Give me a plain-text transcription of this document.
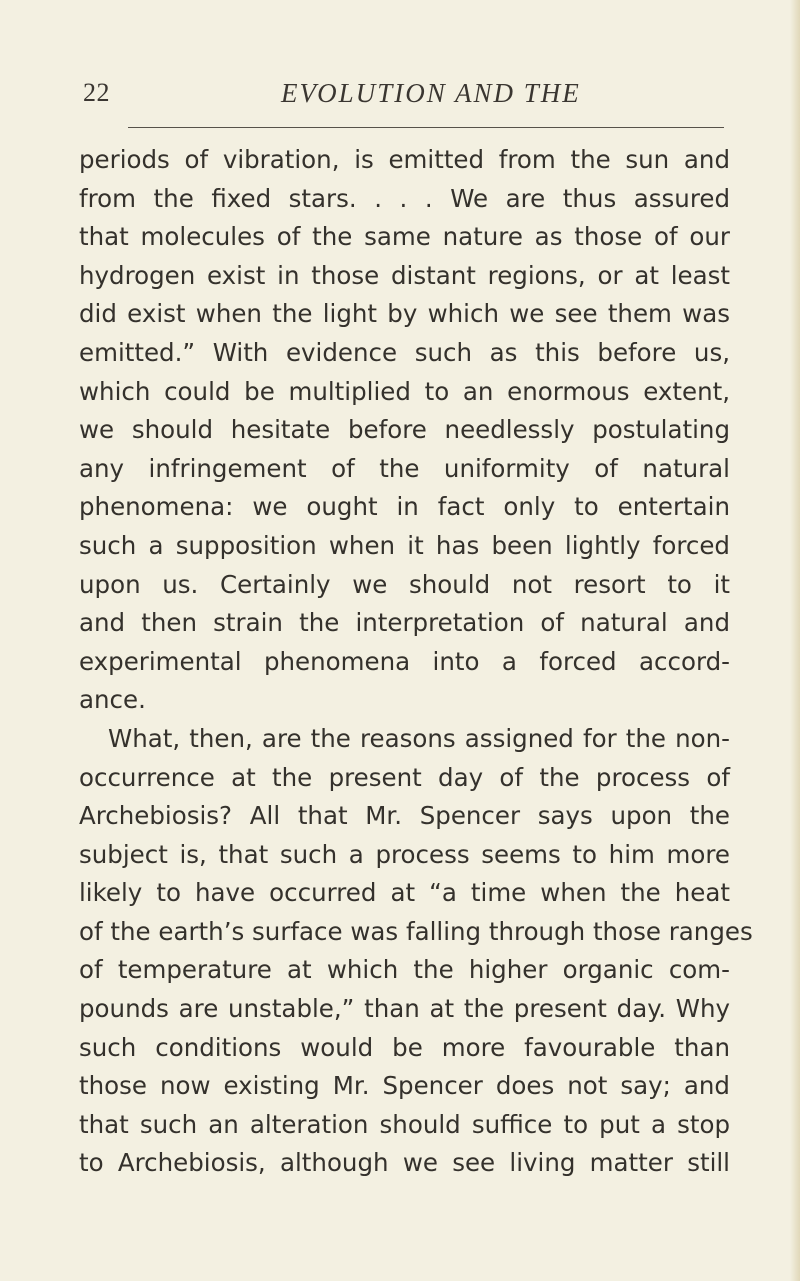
22	EVOLUTION AND THE
periods of vibration, is emitted from the sun and
from the fixed stars. . . . We are thus assured
that molecules of the same nature as those of our
hydrogen exist in those distant regions, or at least
did exist when the light by which we see them was
emitted.” With evidence such as this before us,
which could be multiplied to an enormous extent,
we should hesitate before needlessly postulating
any infringement of the uniformity of natural
phenomena: we ought in fact only to entertain
such a supposition when it has been lightly forced
upon us. Certainly we should not resort to it
and then strain the interpretation of natural and
experimental phenomena into a forced accord-
ance.
What, then, are the reasons assigned for the non-
occurrence at the present day of the process of
Archebiosis? All that Mr. Spencer says upon the
subject is, that such a process seems to him more
likely to have occurred at “a time when the heat
of the earth’s surface was falling through those ranges
of temperature at which the higher organic com-
pounds are unstable,” than at the present day. Why
such conditions would be more favourable than
those now existing Mr. Spencer does not say; and
that such an alteration should suffice to put a stop
to Archebiosis, although we see living matter still
